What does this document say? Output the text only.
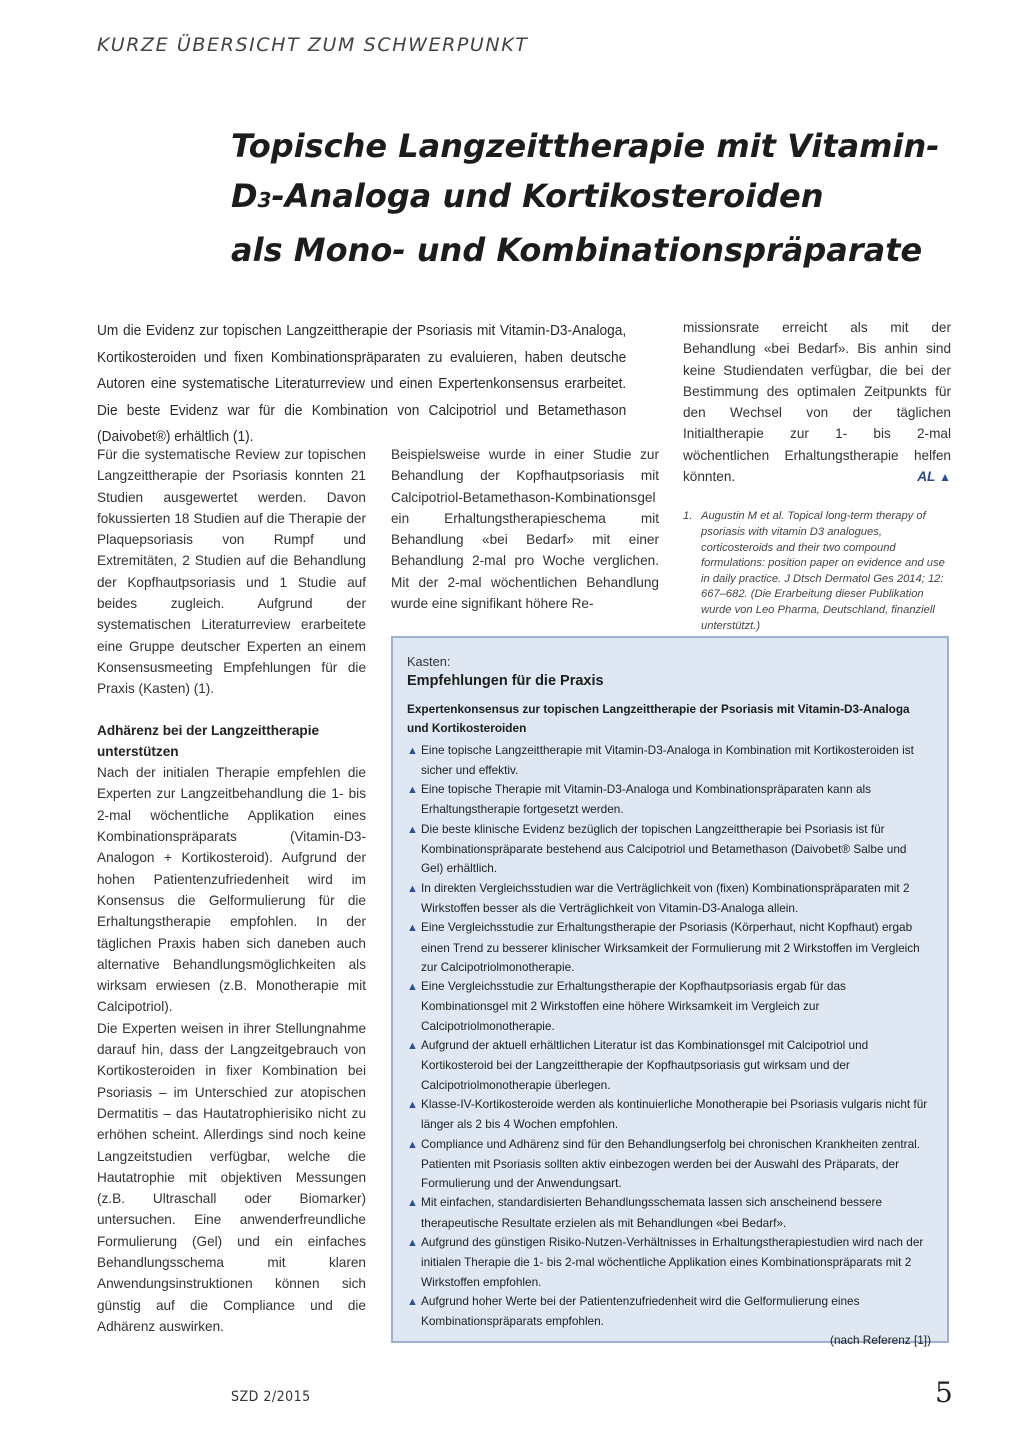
KURZE ÜBERSICHT ZUM SCHWERPUNKT
Topische Langzeittherapie mit Vitamin-
D3-Analoga und Kortikosteroiden
als Mono- und Kombinationspräparate

Um die Evidenz zur topischen Langzeittherapie der Psoriasis mit Vitamin-D3-Analoga, Kortikosteroiden und fixen Kombinationspräparaten zu evaluieren, haben deutsche Autoren eine systematische Literaturreview und einen Expertenkonsensus erarbeitet. Die beste Evidenz war für die Kombination von Calcipotriol und Betamethason (Daivobet®) erhältlich (1).

Für die systematische Review zur topischen Langzeittherapie der Psoriasis konnten 21 Studien ausgewertet werden. Davon fokussierten 18 Studien auf die Therapie der Plaquepsoriasis von Rumpf und Extremitäten, 2 Studien auf die Behandlung der Kopfhautpsoriasis und 1 Studie auf beides zugleich. Aufgrund der systematischen Literaturreview erarbeitete eine Gruppe deutscher Experten an einem Konsensusmeeting Empfehlungen für die Praxis (Kasten) (1).

Adhärenz bei der Langzeittherapie unterstützen

Nach der initialen Therapie empfehlen die Experten zur Langzeitbehandlung die 1- bis 2-mal wöchentliche Applikation eines Kombinationspräparats (Vitamin-D3-Analogon + Kortikosteroid). Aufgrund der hohen Patientenzufriedenheit wird im Konsensus die Gelformulierung für die Erhaltungstherapie empfohlen. In der täglichen Praxis haben sich daneben auch alternative Behandlungsmöglichkeiten als wirksam erwiesen (z.B. Monotherapie mit Calcipotriol).

Die Experten weisen in ihrer Stellungnahme darauf hin, dass der Langzeitgebrauch von Kortikosteroiden in fixer Kombination bei Psoriasis – im Unterschied zur atopischen Dermatitis – das Hautatrophierisiko nicht zu erhöhen scheint. Allerdings sind noch keine Langzeitstudien verfügbar, welche die Hautatrophie mit objektiven Messungen (z.B. Ultraschall oder Biomarker) untersuchen. Eine anwenderfreundliche Formulierung (Gel) und ein einfaches Behandlungsschema mit klaren Anwendungsinstruktionen können sich günstig auf die Compliance und die Adhärenz auswirken.

Beispielsweise wurde in einer Studie zur Behandlung der Kopfhautpsoriasis mit Calcipotriol-Betamethason-Kombinationsgel ein Erhaltungstherapieschema mit Behandlung «bei Bedarf» mit einer Behandlung 2-mal pro Woche verglichen. Mit der 2-mal wöchentlichen Behandlung wurde eine signifikant höhere Re-

missionsrate erreicht als mit der Behandlung «bei Bedarf». Bis anhin sind keine Studiendaten verfügbar, die bei der Bestimmung des optimalen Zeitpunkts für den Wechsel von der täglichen Initialtherapie zur 1- bis 2-mal wöchentlichen Erhaltungstherapie helfen könnten.	AL ▲

1. Augustin M et al. Topical long-term therapy of psoriasis with vitamin D3 analogues, corticosteroids and their two compound formulations: position paper on evidence and use in daily practice. J Dtsch Dermatol Ges 2014; 12: 667–682. (Die Erarbeitung dieser Publikation wurde von Leo Pharma, Deutschland, finanziell unterstützt.)

Kasten:

Empfehlungen für die Praxis

Expertenkonsensus zur topischen Langzeittherapie der Psoriasis mit Vitamin-D3-Analoga und Kortikosteroiden

▲ Eine topische Langzeittherapie mit Vitamin-D3-Analoga in Kombination mit Kortikosteroiden ist sicher und effektiv.
▲ Eine topische Therapie mit Vitamin-D3-Analoga und Kombinationspräparaten kann als Erhaltungstherapie fortgesetzt werden.
▲ Die beste klinische Evidenz bezüglich der topischen Langzeittherapie bei Psoriasis ist für Kombinationspräparate bestehend aus Calcipotriol und Betamethason (Daivobet® Salbe und Gel) erhältlich.
▲ In direkten Vergleichsstudien war die Verträglichkeit von (fixen) Kombinationspräparaten mit 2 Wirkstoffen besser als die Verträglichkeit von Vitamin-D3-Analoga allein.
▲ Eine Vergleichsstudie zur Erhaltungstherapie der Psoriasis (Körperhaut, nicht Kopfhaut) ergab einen Trend zu besserer klinischer Wirksamkeit der Formulierung mit 2 Wirkstoffen im Vergleich zur Calcipotriolmonotherapie.
▲ Eine Vergleichsstudie zur Erhaltungstherapie der Kopfhautpsoriasis ergab für das Kombinationsgel mit 2 Wirkstoffen eine höhere Wirksamkeit im Vergleich zur Calcipotriolmonotherapie.
▲ Aufgrund der aktuell erhältlichen Literatur ist das Kombinationsgel mit Calcipotriol und Kortikosteroid bei der Langzeittherapie der Kopfhautpsoriasis gut wirksam und der Calcipotriolmonotherapie überlegen.
▲ Klasse-IV-Kortikosteroide werden als kontinuierliche Monotherapie bei Psoriasis vulgaris nicht für länger als 2 bis 4 Wochen empfohlen.
▲ Compliance und Adhärenz sind für den Behandlungserfolg bei chronischen Krankheiten zentral. Patienten mit Psoriasis sollten aktiv einbezogen werden bei der Auswahl des Präparats, der Formulierung und der Anwendungsart.
▲ Mit einfachen, standardisierten Behandlungsschemata lassen sich anscheinend bessere therapeutische Resultate erzielen als mit Behandlungen «bei Bedarf».
▲ Aufgrund des günstigen Risiko-Nutzen-Verhältnisses in Erhaltungstherapiestudien wird nach der initialen Therapie die 1- bis 2-mal wöchentliche Applikation eines Kombinationspräparats mit 2 Wirkstoffen empfohlen.
▲ Aufgrund hoher Werte bei der Patientenzufriedenheit wird die Gelformulierung eines Kombinationspräparats empfohlen.
(nach Referenz [1])
SZD 2/2015	5
